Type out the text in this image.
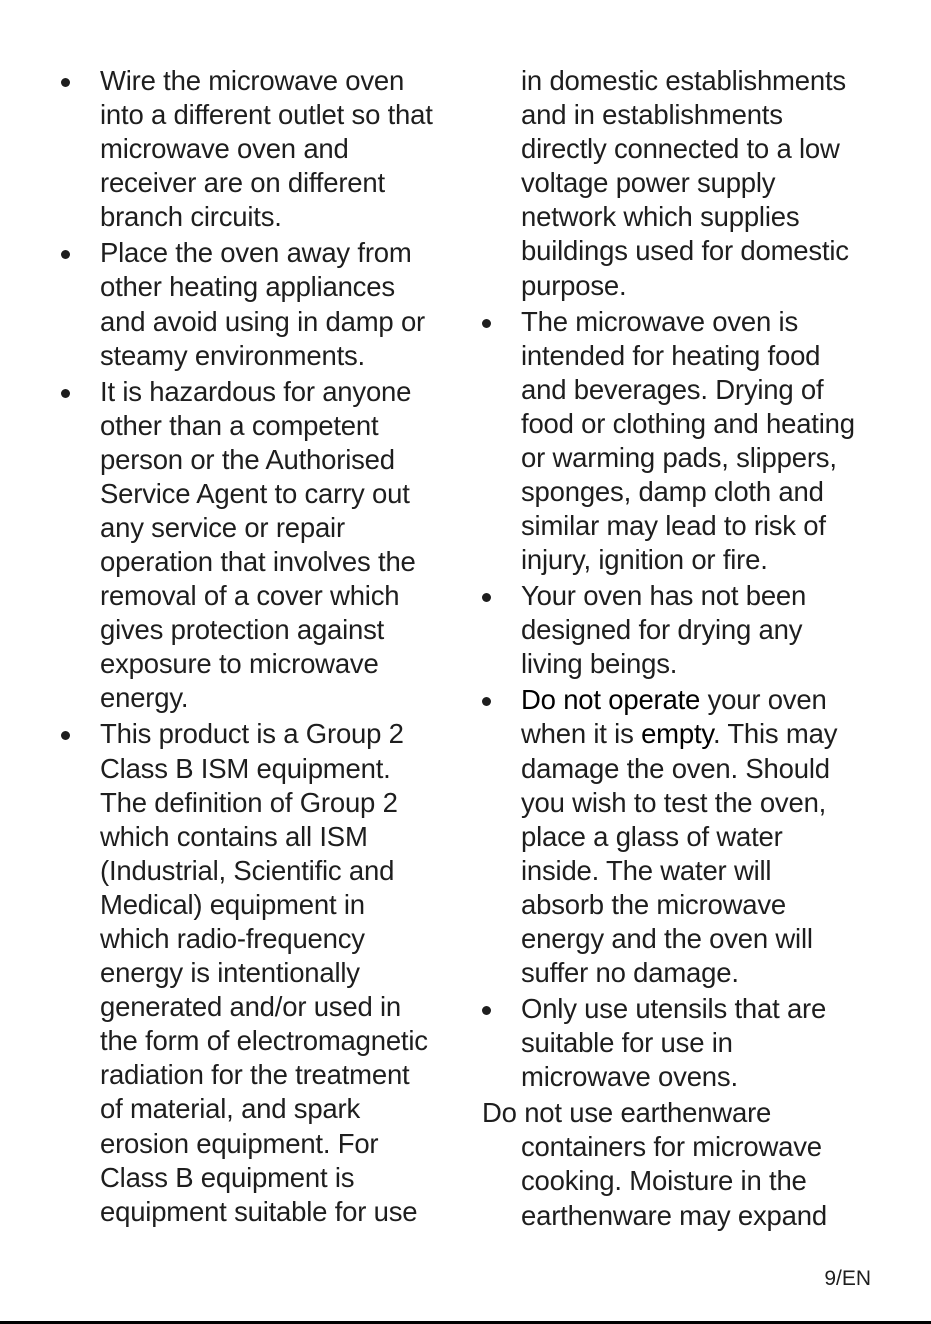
Wire the microwave oven
into a different outlet so that
microwave oven and
receiver are on different
branch circuits.
Place the oven away from
other heating appliances
and avoid using in damp or
steamy environments.
It is hazardous for anyone
other than a competent
person or the Authorised
Service Agent to carry out
any service or repair
operation that involves the
removal of a cover which
gives protection against
exposure to microwave
energy.
This product is a Group 2
Class B ISM equipment.
The definition of Group 2
which contains all ISM
(Industrial, Scientific and
Medical) equipment in
which radio-frequency
energy is intentionally
generated and/or used in
the form of electromagnetic
radiation for the treatment
of material, and spark
erosion equipment. For
Class B equipment is
equipment suitable for use
in domestic establishments
and in establishments
directly connected to a low
voltage power supply
network which supplies
buildings used for domestic
purpose.
The microwave oven is
intended for heating food
and beverages. Drying of
food or clothing and heating
or warming pads, slippers,
sponges, damp cloth and
similar may lead to risk of
injury, ignition or fire.
Your oven has not been
designed for drying any
living beings.
Do not operate your oven
when it is empty. This may
damage the oven. Should
you wish to test the oven,
place a glass of water
inside. The water will
absorb the microwave
energy and the oven will
suffer no damage.
Only use utensils that are
suitable for use in
microwave ovens.
Do not use earthenware
containers for microwave
cooking. Moisture in the
earthenware may expand
9/EN
